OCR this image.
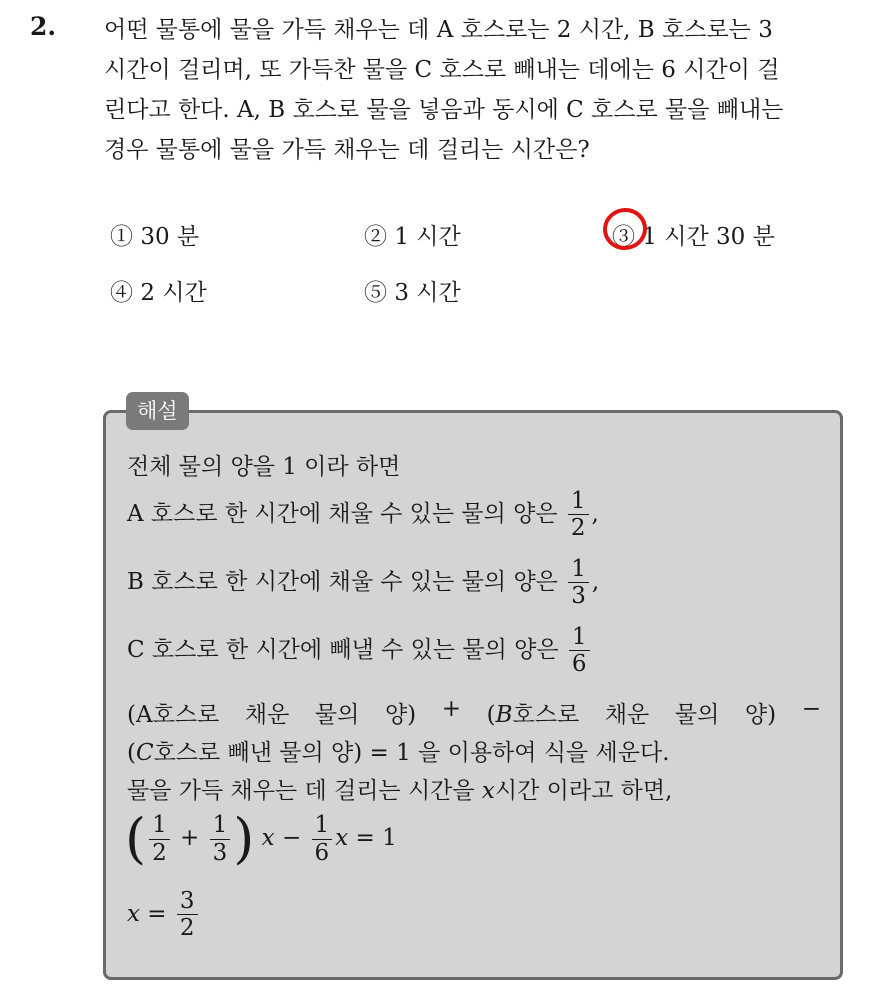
2. 어떤 물통에 물을 가득 채우는 데 A 호스로는 2 시간, B 호스로는 3
시간이 걸리며, 또 가득찬 물을 C 호스로 빼내는 데에는 6 시간이 걸
린다고 한다. A, B 호스로 물을 넣음과 동시에 C 호스로 물을 빼내는
경우 물통에 물을 가득 채우는 데 걸리는 시간은?
① 30 분	② 1 시간	③ 1 시간 30 분
④ 2 시간	⑤ 3 시간
해설
전체 물의 양을 1 이라 하면
A 호스로 한 시간에 채울 수 있는 물의 양은 $\frac{1}{2}$ ,
B 호스로 한 시간에 채울 수 있는 물의 양은 $\frac{1}{3}$ ,
C 호스로 한 시간에 빼낼 수 있는 물의 양은 $\frac{1}{6}$
(A호스로 채운 물의 양) + (B호스로 채운 물의 양) −
(C호스로 빼낸 물의 양) = 1 을 이용하여 식을 세운다.
물을 가득 채우는 데 걸리는 시간을 x시간 이라고 하면,
( $\frac{1}{2} + \frac{1}{3}$ ) $x - \frac{1}{6}$ x = 1
$x = \frac{3}{2}$
